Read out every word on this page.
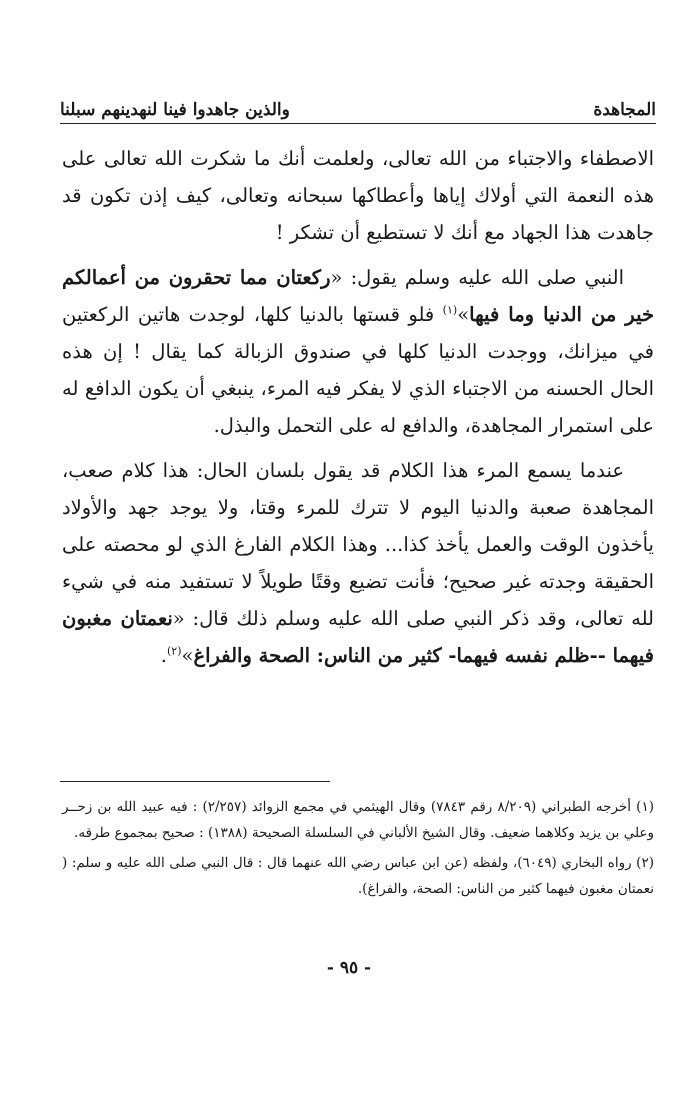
المجاهدة
والذين جاهدوا فينا لنهدينهم سبلنا

الاصطفاء والاجتباء من الله تعالى، ولعلمت أنك ما شكرت الله تعالى على هذه النعمة التي أولاك إياها وأعطاكها سبحانه وتعالى، كيف إذن تكون قد جاهدت هذا الجهاد مع أنك لا تستطيع أن تشكر !

النبي صلى الله عليه وسلم يقول: «ركعتان مما تحقرون من أعمالكم خير من الدنيا وما فيها»$^{(١)}$ فلو قستها بالدنيا كلها، لوجدت هاتين الركعتين في ميزانك، ووجدت الدنيا كلها في صندوق الزبالة كما يقال ! إن هذه الحال الحسنه من الاجتباء الذي لا يفكر فيه المرء، ينبغي أن يكون الدافع له على استمرار المجاهدة، والدافع له على التحمل والبذل.

عندما يسمع المرء هذا الكلام قد يقول بلسان الحال: هذا كلام صعب، المجاهدة صعبة والدنيا اليوم لا تترك للمرء وقتا، ولا يوجد جهد والأولاد يأخذون الوقت والعمل يأخذ كذا... وهذا الكلام الفارغ الذي لو محصته على الحقيقة وجدته غير صحيح؛ فأنت تضيع وقتًا طويلاً لا تستفيد منه في شيء لله تعالى، وقد ذكر النبي صلى الله عليه وسلم ذلك قال: «نعمتان مغبون فيهما --ظلم نفسه فيهما- كثير من الناس: الصحة والفراغ»$^{(٢)}$.

(١) أخرجه الطبراني (٨/٢٠٩ رقم ٧٨٤٣) وقال الهيثمي في مجمع الزوائد (٢/٢٥٧) : فيه عبيد الله بن زحــر وعلي بن يزيد وكلاهما ضعيف. وقال الشيخ الألباني في السلسلة الصحيحة (١٣٨٨) : صحيح بمجموع طرقه.

(٢) رواه البخاري (٦٠٤٩)، ولفظه (عن ابن عباس رضي الله عنهما قال : قال النبي صلى الله عليه و سلم: ( نعمتان مغبون فيهما كثير من الناس: الصحة، والفراغ).

- ٩٥ -
